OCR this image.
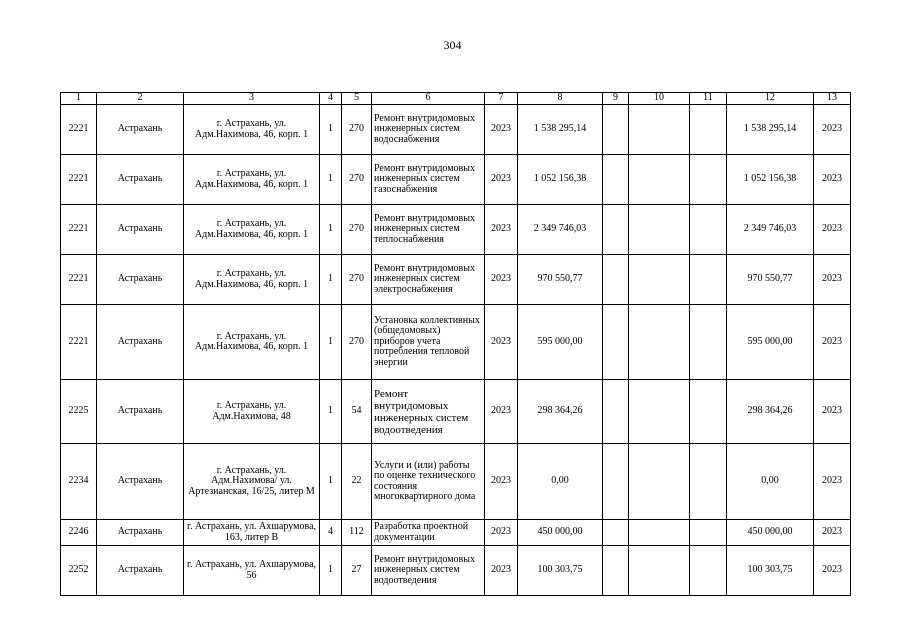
304
1	2	3	4	5	6	7	8	9	10	11	12	13
2221	Астрахань	г. Астрахань, ул. Адм.Нахимова, 46, корп. 1	1	270	Ремонт внутридомовых инженерных систем водоснабжения	2023	1 538 295,14				1 538 295,14	2023
2221	Астрахань	г. Астрахань, ул. Адм.Нахимова, 46, корп. 1	1	270	Ремонт внутридомовых инженерных систем газоснабжения	2023	1 052 156,38				1 052 156,38	2023
2221	Астрахань	г. Астрахань, ул. Адм.Нахимова, 46, корп. 1	1	270	Ремонт внутридомовых инженерных систем теплоснабжения	2023	2 349 746,03				2 349 746,03	2023
2221	Астрахань	г. Астрахань, ул. Адм.Нахимова, 46, корп. 1	1	270	Ремонт внутридомовых инженерных систем электроснабжения	2023	970 550,77				970 550,77	2023
2221	Астрахань	г. Астрахань, ул. Адм.Нахимова, 46, корп. 1	1	270	Установка коллективных (общедомовых) приборов учета потребления тепловой энергии	2023	595 000,00				595 000,00	2023
2225	Астрахань	г. Астрахань, ул. Адм.Нахимова, 48	1	54	Ремонт внутридомовых инженерных систем водоотведения	2023	298 364,26				298 364,26	2023
2234	Астрахань	г. Астрахань, ул. Адм.Нахимова/ ул. Артезианская, 16/25, литер М	1	22	Услуги и (или) работы по оценке технического состояния многоквартирного дома	2023	0,00				0,00	2023
2246	Астрахань	г. Астрахань, ул. Ахшарумова, 163, литер В	4	112	Разработка проектной документации	2023	450 000,00				450 000,00	2023
2252	Астрахань	г. Астрахань, ул. Ахшарумова, 56	1	27	Ремонт внутридомовых инженерных систем водоотведения	2023	100 303,75				100 303,75	2023
